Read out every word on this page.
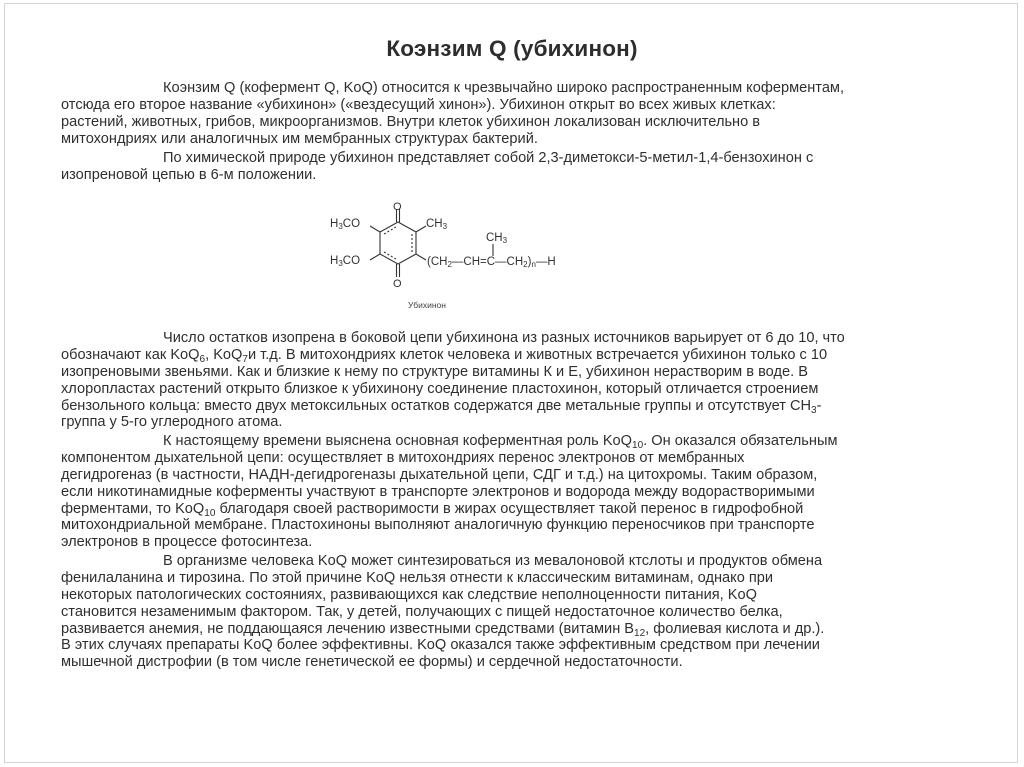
Коэнзим Q (убихинон)
Коэнзим Q (кофермент Q, KoQ) относится к чрезвычайно широко распространенным коферментам,
отсюда его второе название «убихинон» («вездесущий хинон»). Убихинон открыт во всех живых клетках:
растений, животных, грибов, микроорганизмов. Внутри клеток убихинон локализован исключительно в
митохондриях или аналогичных им мембранных структурах бактерий.
По химической природе убихинон представляет собой 2,3-диметокси-5-метил-1,4-бензохинон с
изопреновой цепью в 6-м положении.
O
O
$H_3CO$
$H_3CO$
$CH_3$
$CH_3$
$(CH_2—CH=C—CH_2)_n—H$
Убихинон
Число остатков изопрена в боковой цепи убихинона из разных источников варьирует от 6 до 10, что
обозначают как KoQ$_6$, KoQ$_7$и т.д. В митохондриях клеток человека и животных встречается убихинон только с 10
изопреновыми звеньями. Как и близкие к нему по структуре витамины К и Е, убихинон нерастворим в воде. В
хлоропластах растений открыто близкое к убихинону соединение пластохинон, который отличается строением
бензольного кольца: вместо двух метоксильных остатков содержатся две метальные группы и отсутствует $CH_3-$
группа у 5-го углеродного атома.
К настоящему времени выяснена основная коферментная роль KoQ$_{10}$. Он оказался обязательным
компонентом дыхательной цепи: осуществляет в митохондриях перенос электронов от мембранных
дегидрогеназ (в частности, НАДН-дегидрогеназы дыхательной цепи, СДГ и т.д.) на цитохромы. Таким образом,
если никотинамидные коферменты участвуют в транспорте электронов и водорода между водорастворимыми
ферментами, то KoQ$_{10}$ благодаря своей растворимости в жирах осуществляет такой перенос в гидрофобной
митохондриальной мембране. Пластохиноны выполняют аналогичную функцию переносчиков при транспорте
электронов в процессе фотосинтеза.
В организме человека KoQ может синтезироваться из мевалоновой ктслоты и продуктов обмена
фенилаланина и тирозина. По этой причине KoQ нельзя отнести к классическим витаминам, однако при
некоторых патологических состояниях, развивающихся как следствие неполноценности питания, KoQ
становится незаменимым фактором. Так, у детей, получающих с пищей недостаточное количество белка,
развивается анемия, не поддающаяся лечению известными средствами (витамин $B_{12}$, фолиевая кислота и др.).
В этих случаях препараты KoQ более эффективны. KoQ оказался также эффективным средством при лечении
мышечной дистрофии (в том числе генетической ее формы) и сердечной недостаточности.
